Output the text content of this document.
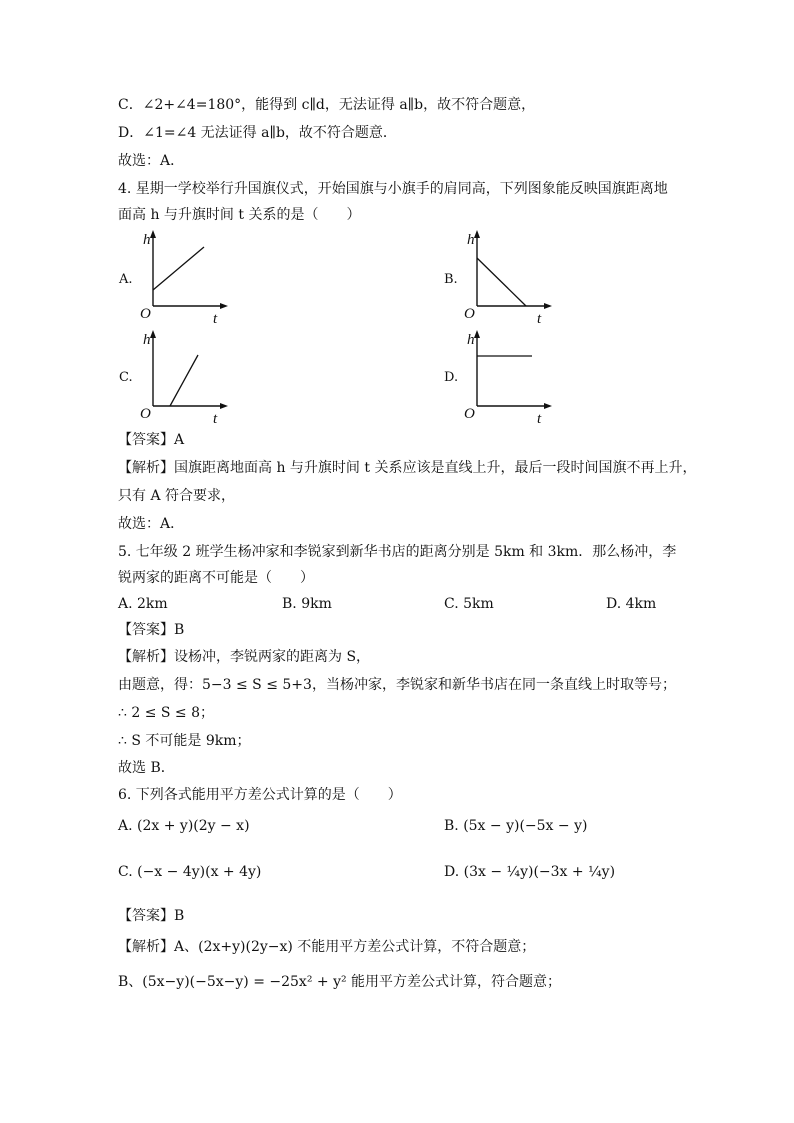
C．∠2+∠4=180°，能得到 c∥d，无法证得 a∥b，故不符合题意，
D．∠1=∠4 无法证得 a∥b，故不符合题意．
故选：A．
4. 星期一学校举行升国旗仪式，开始国旗与小旗手的肩同高，下列图象能反映国旗距离地
面高 h 与升旗时间 t 关系的是（　　）
A.
h
O	t
B.
h
O	t
C.
h
O	t
D.
h
O	t
【答案】A
【解析】国旗距离地面高 h 与升旗时间 t 关系应该是直线上升，最后一段时间国旗不再上升，
只有 A 符合要求，
故选：A．
5. 七年级 2 班学生杨冲家和李锐家到新华书店的距离分别是 5km 和 3km．那么杨冲，李
锐两家的距离不可能是（　　）
A. 2km	B. 9km	C. 5km	D. 4km
【答案】B
【解析】设杨冲，李锐两家的距离为 S，
由题意，得：5−3 ≤ S ≤ 5+3，当杨冲家，李锐家和新华书店在同一条直线上时取等号；
∴ 2 ≤ S ≤ 8；
∴ S 不可能是 9km；
故选 B．
6. 下列各式能用平方差公式计算的是（　　）
A. (2x + y)(2y − x)	B. (5x − y)(−5x − y)
C. (−x − 4y)(x + 4y)	D. (3x − ¼y)(−3x + ¼y)
【答案】B
【解析】A、(2x+y)(2y−x) 不能用平方差公式计算，不符合题意；
B、(5x−y)(−5x−y) = −25x² + y² 能用平方差公式计算，符合题意；
